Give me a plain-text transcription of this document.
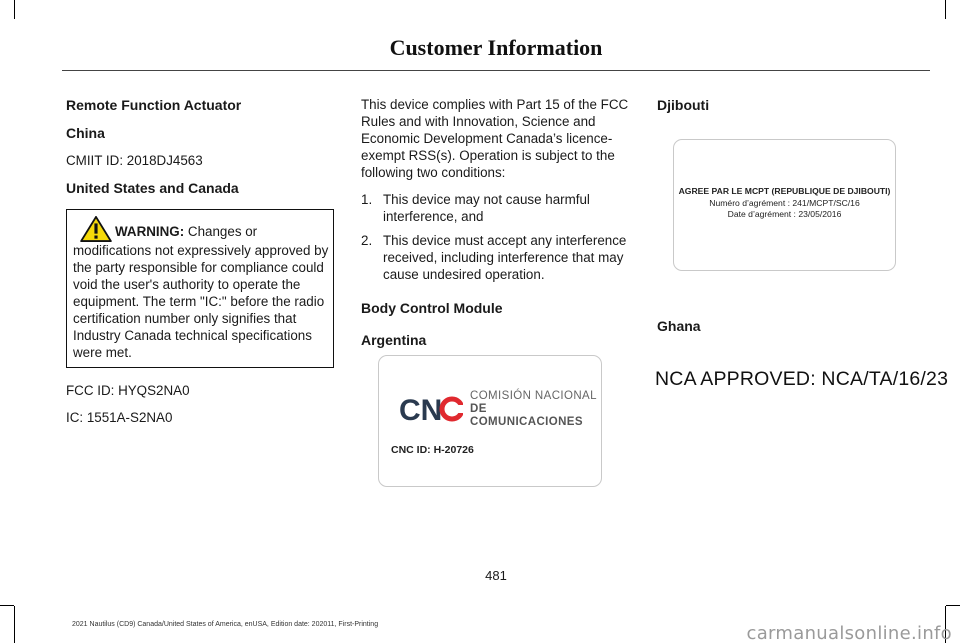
Customer Information
Remote Function Actuator
China
CMIIT ID: 2018DJ4563
United States and Canada
WARNING: Changes or modifications not expressively approved by the party responsible for compliance could void the user's authority to operate the equipment. The term "IC:" before the radio certification number only signifies that Industry Canada technical specifications were met.
FCC ID: HYQS2NA0
IC: 1551A-S2NA0
This device complies with Part 15 of the FCC Rules and with Innovation, Science and Economic Development Canada’s licence-exempt RSS(s). Operation is subject to the following two conditions:
1. This device may not cause harmful interference, and
2. This device must accept any interference received, including interference that may cause undesired operation.
Body Control Module
Argentina
CN COMISIÓN NACIONAL
DE COMUNICACIONES
CNC ID: H-20726
Djibouti
Ghana
AGREE PAR LE MCPT (REPUBLIQUE DE DJIBOUTI)
Numéro d’agrément : 241/MCPT/SC/16
Date d’agrément : 23/05/2016
NCA APPROVED: NCA/TA/16/23
481
2021 Nautilus (CD9) Canada/United States of America, enUSA, Edition date: 202011, First-Printing	carmanualsonline.info
